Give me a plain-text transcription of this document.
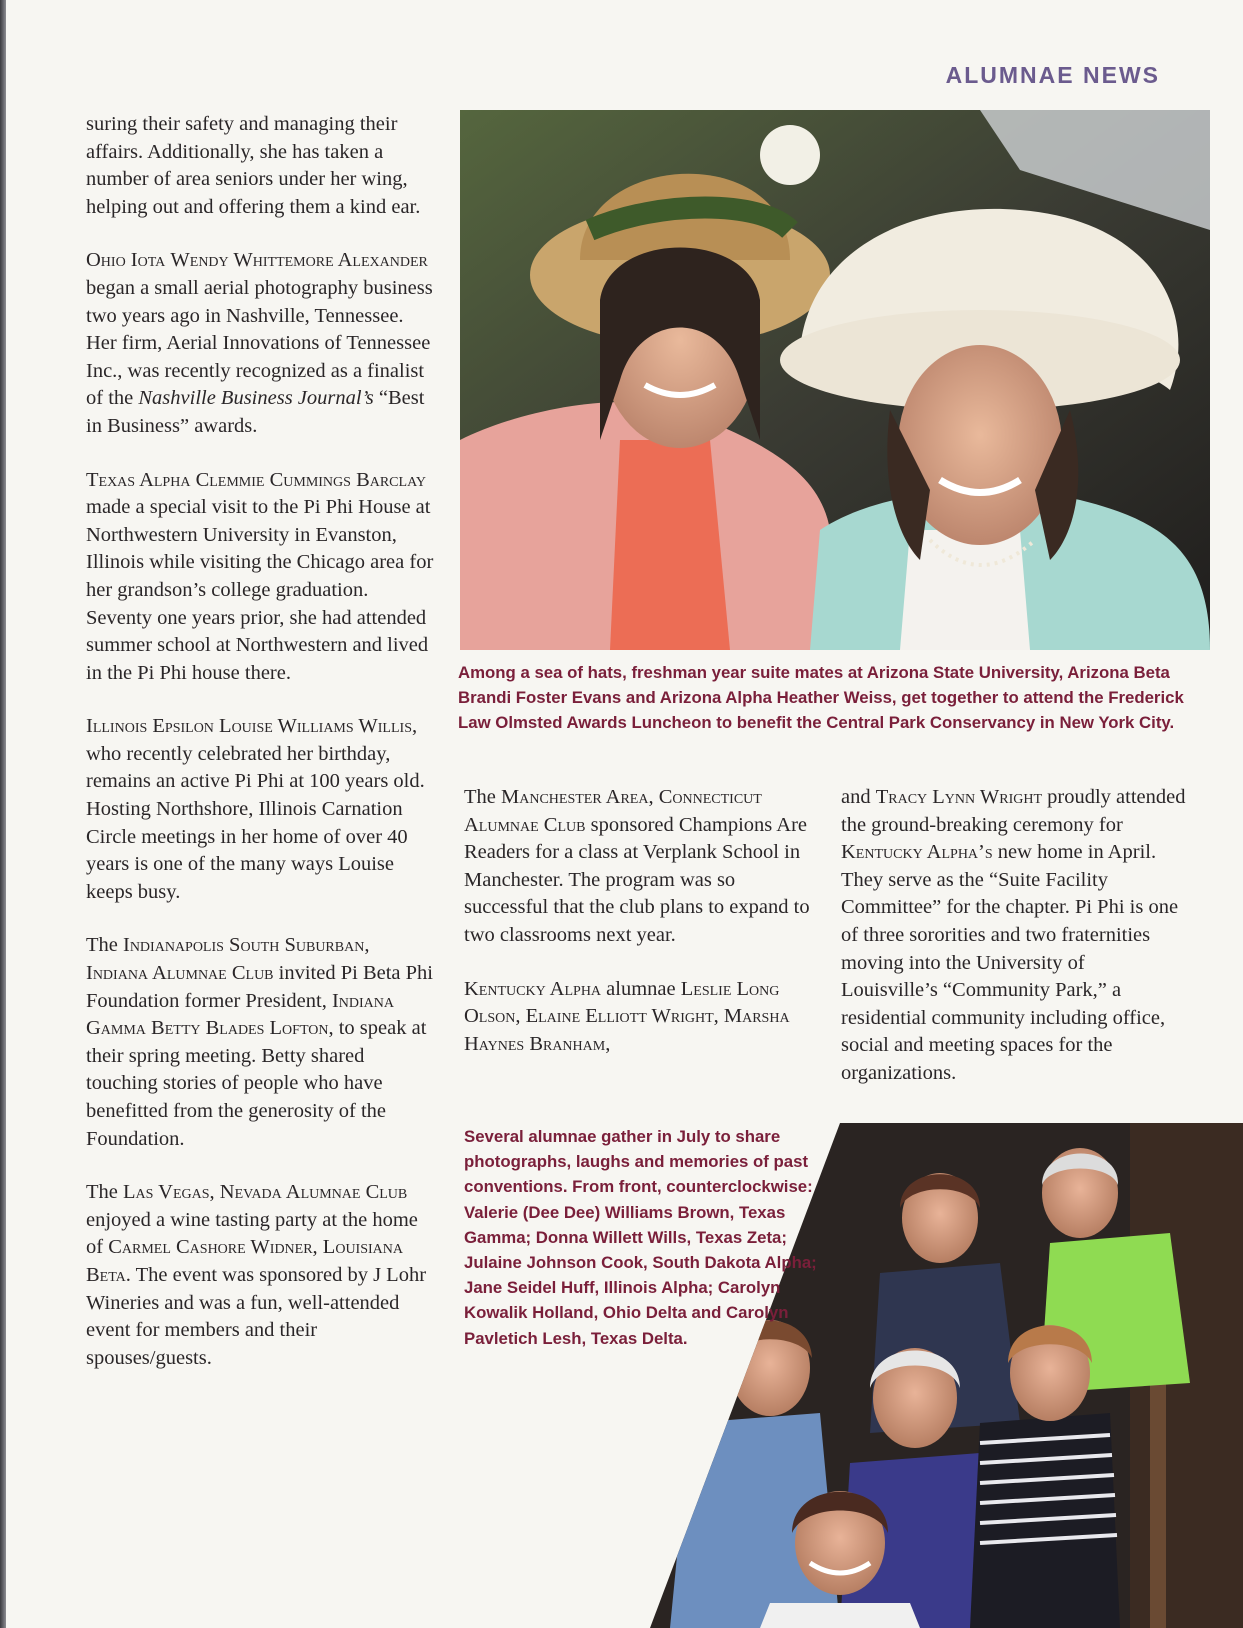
ALUMNAE NEWS

suring their safety and managing their affairs. Additionally, she has taken a number of area seniors under her wing, helping out and offering them a kind ear.

Ohio Iota Wendy Whittemore Alexander began a small aerial photography business two years ago in Nashville, Tennessee. Her firm, Aerial Innovations of Tennessee Inc., was recently recognized as a finalist of the Nashville Business Journal’s “Best in Business” awards.

Texas Alpha Clemmie Cummings Barclay made a special visit to the Pi Phi House at Northwestern University in Evanston, Illinois while visiting the Chicago area for her grandson’s college graduation. Seventy one years prior, she had attended summer school at Northwestern and lived in the Pi Phi house there.

Illinois Epsilon Louise Williams Willis, who recently celebrated her birthday, remains an active Pi Phi at 100 years old. Hosting Northshore, Illinois Carnation Circle meetings in her home of over 40 years is one of the many ways Louise keeps busy.

The Indianapolis South Suburban, Indiana Alumnae Club invited Pi Beta Phi Foundation former President, Indiana Gamma Betty Blades Lofton, to speak at their spring meeting. Betty shared touching stories of people who have benefitted from the generosity of the Foundation.

The Las Vegas, Nevada Alumnae Club enjoyed a wine tasting party at the home of Carmel Cashore Widner, Louisiana Beta. The event was sponsored by J Lohr Wineries and was a fun, well-attended event for members and their spouses/guests.

Among a sea of hats, freshman year suite mates at Arizona State University, Arizona Beta Brandi Foster Evans and Arizona Alpha Heather Weiss, get together to attend the Frederick Law Olmsted Awards Luncheon to benefit the Central Park Conservancy in New York City.

The Manchester Area, Connecticut Alumnae Club sponsored Champions Are Readers for a class at Verplank School in Manchester. The program was so successful that the club plans to expand to two classrooms next year.

Kentucky Alpha alumnae Leslie Long Olson, Elaine Elliott Wright, Marsha Haynes Branham,

and Tracy Lynn Wright proudly attended the ground-breaking ceremony for Kentucky Alpha’s new home in April. They serve as the “Suite Facility Committee” for the chapter. Pi Phi is one of three sororities and two fraternities moving into the University of Louisville’s “Community Park,” a residential community including office, social and meeting spaces for the organizations.

Several alumnae gather in July to share photographs, laughs and memories of past conventions. From front, counterclockwise: Valerie (Dee Dee) Williams Brown, Texas Gamma; Donna Willett Wills, Texas Zeta; Julaine Johnson Cook, South Dakota Alpha; Jane Seidel Huff, Illinois Alpha; Carolyn Kowalik Holland, Ohio Delta and Carolyn Pavletich Lesh, Texas Delta.
